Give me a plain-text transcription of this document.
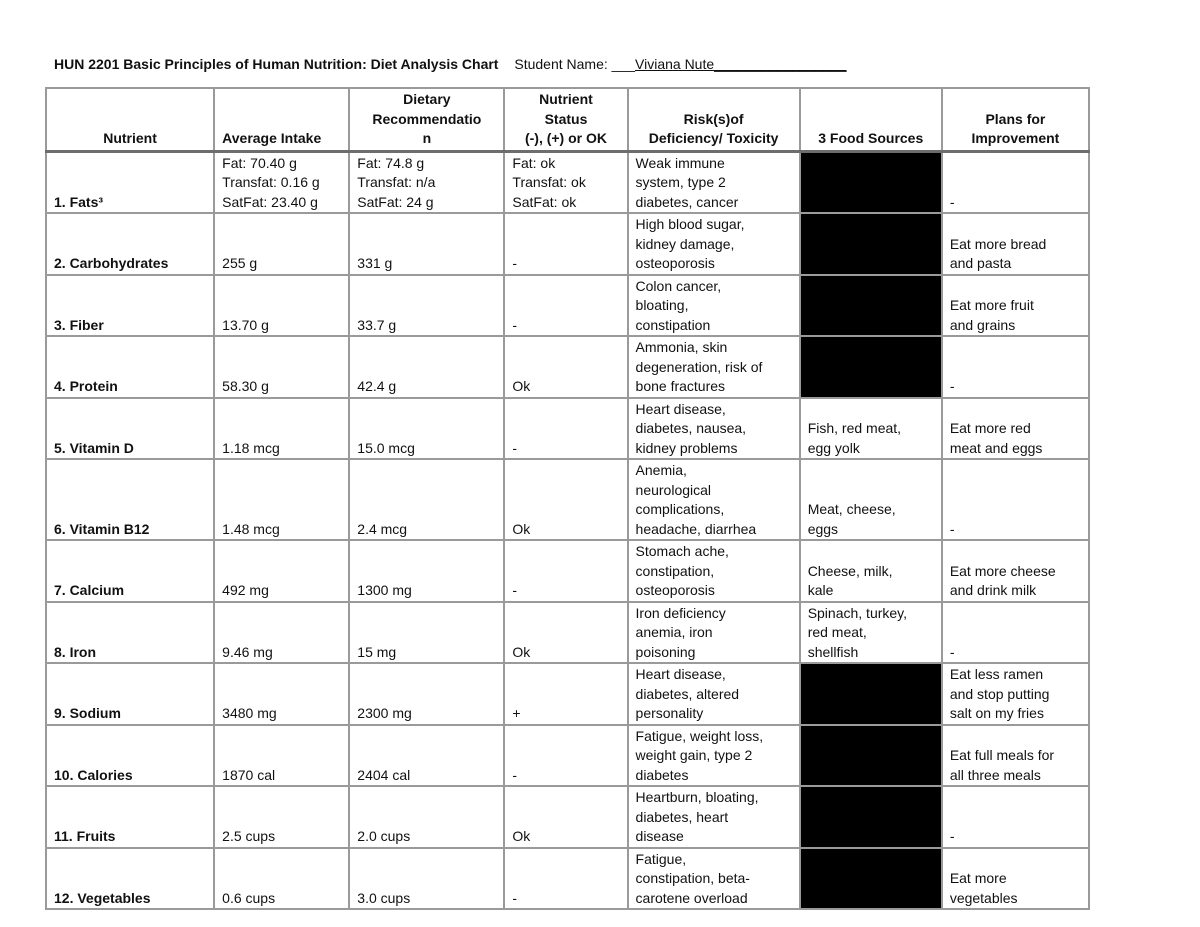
HUN 2201 Basic Principles of Human Nutrition: Diet Analysis Chart Student Name: ___Viviana Nute_________________
Nutrient	Average Intake	Dietary
Recommendatio
n	Nutrient
Status
(-), (+) or OK	Risk(s)of
Deficiency/ Toxicity	3 Food Sources	Plans for
Improvement

1. Fats³	Fat: 70.40 g
Transfat: 0.16 g
SatFat: 23.40 g	Fat: 74.8 g
Transfat: n/a
SatFat: 24 g	Fat: ok
Transfat: ok
SatFat: ok	Weak immune
system, type 2
diabetes, cancer		-

2. Carbohydrates	255 g	331 g	-	High blood sugar,
kidney damage,
osteoporosis		Eat more bread
and pasta

3. Fiber	13.70 g	33.7 g	-	Colon cancer,
bloating,
constipation		Eat more fruit
and grains

4. Protein	58.30 g	42.4 g	Ok	Ammonia, skin
degeneration, risk of
bone fractures		-

5. Vitamin D	1.18 mcg	15.0 mcg	-	Heart disease,
diabetes, nausea,
kidney problems	Fish, red meat,
egg yolk	Eat more red
meat and eggs

6. Vitamin B12	1.48 mcg	2.4 mcg	Ok	Anemia,
neurological
complications,
headache, diarrhea	Meat, cheese,
eggs	-

7. Calcium	492 mg	1300 mg	-	Stomach ache,
constipation,
osteoporosis	Cheese, milk,
kale	Eat more cheese
and drink milk

8. Iron	9.46 mg	15 mg	Ok	Iron deficiency
anemia, iron
poisoning	Spinach, turkey,
red meat,
shellfish	-

9. Sodium	3480 mg	2300 mg	+	Heart disease,
diabetes, altered
personality		Eat less ramen
and stop putting
salt on my fries

10. Calories	1870 cal	2404 cal	-	Fatigue, weight loss,
weight gain, type 2
diabetes		Eat full meals for
all three meals

11. Fruits	2.5 cups	2.0 cups	Ok	Heartburn, bloating,
diabetes, heart
disease		-

12. Vegetables	0.6 cups	3.0 cups	-	Fatigue,
constipation, beta-
carotene overload		Eat more
vegetables
